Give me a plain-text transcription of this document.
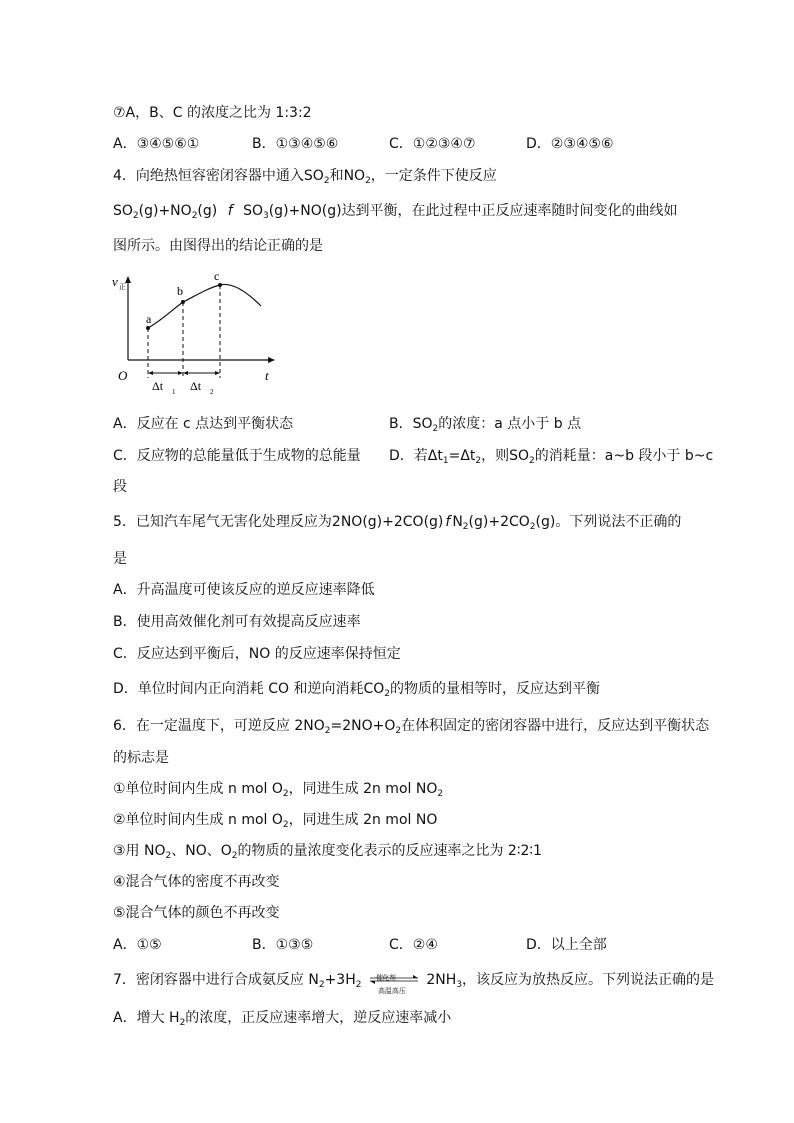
⑦A，B、C 的浓度之比为 1:3:2
A．③④⑤⑥①	B．①③④⑤⑥	C．①②③④⑦	D．②③④⑤⑥
4．向绝热恒容密闭容器中通入$SO_2$和$NO_2$，一定条件下使反应
$SO_2(g)+NO_2(g)$ f $SO_3(g)+NO(g)$达到平衡，在此过程中正反应速率随时间变化的曲线如
图所示。由图得出的结论正确的是
v 正
O	t
a
b
c
Δt 1 Δt 2
A．反应在 c 点达到平衡状态	B．$SO_2$的浓度：a 点小于 b 点
C．反应物的总能量低于生成物的总能量 D．若$\Delta t_1=\Delta t_2$，则$SO_2$的消耗量：a~b 段小于 b~c
段
5．已知汽车尾气无害化处理反应为2NO(g)+2CO(g) f $N_2(g)+2CO_2(g)$。下列说法不正确的
是
A．升高温度可使该反应的逆反应速率降低
B．使用高效催化剂可有效提高反应速率
C．反应达到平衡后，NO 的反应速率保持恒定
D．单位时间内正向消耗 CO 和逆向消耗$CO_2$的物质的量相等时，反应达到平衡
6．在一定温度下，可逆反应 $2NO_2=2NO+O_2$在体积固定的密闭容器中进行，反应达到平衡状态
的标志是
①单位时间内生成 n mol $O_2$，同进生成 2n mol $NO_2$
②单位时间内生成 n mol $O_2$，同进生成 2n mol NO
③用 $NO_2$、NO、$O_2$的物质的量浓度变化表示的反应速率之比为 2∶2∶1
④混合气体的密度不再改变
⑤混合气体的颜色不再改变
A．①⑤	B．①③⑤	C．②④	D．以上全部
7．密闭容器中进行合成氨反应 $N_2+3H_2$
催化剂
高温高压
$2NH_3$，该反应为放热反应。下列说法正确的是
A．增大 $H_2$的浓度，正反应速率增大，逆反应速率减小
